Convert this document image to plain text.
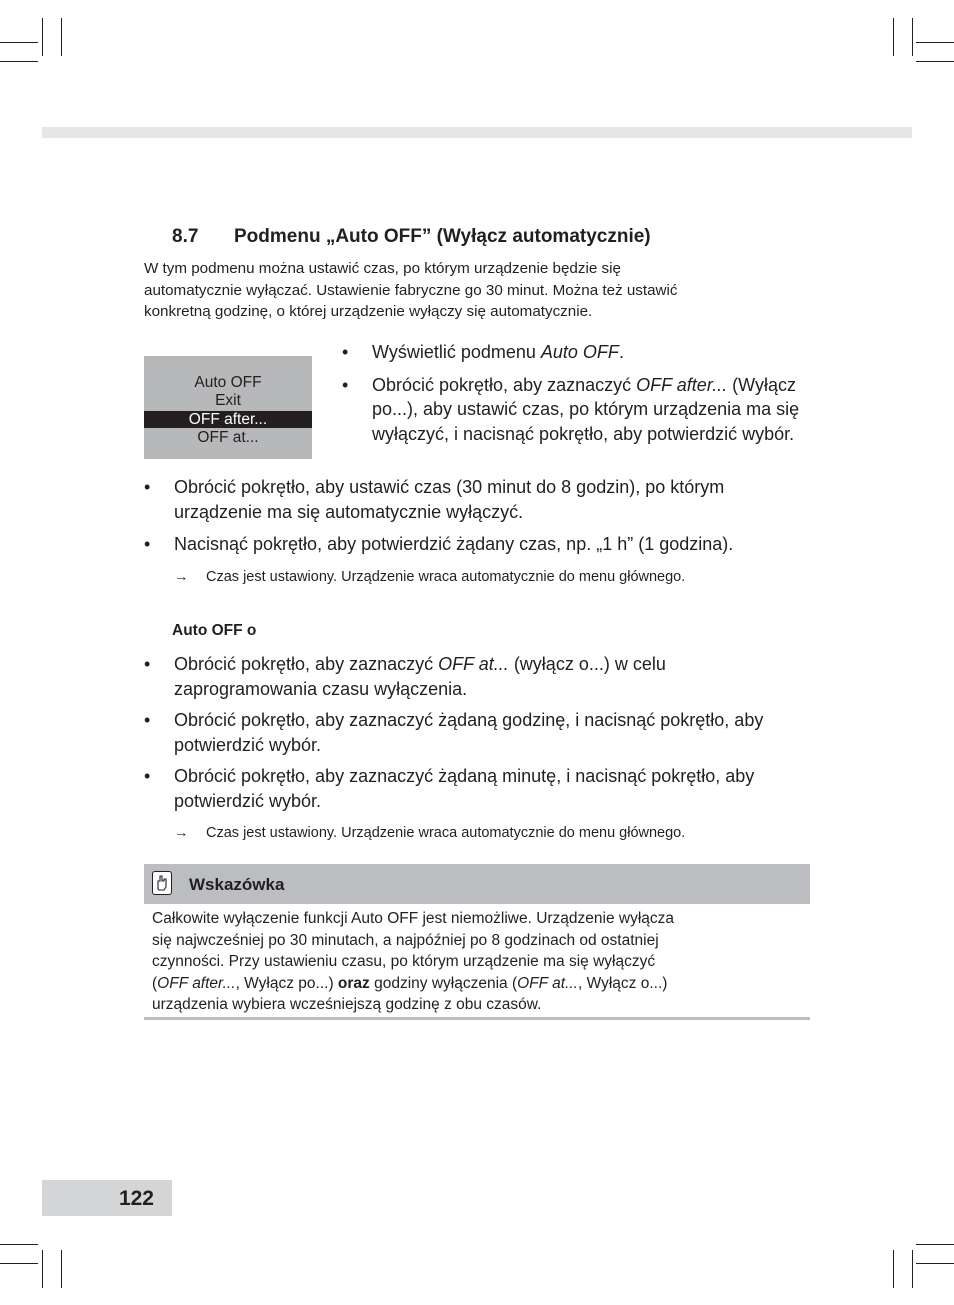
8.7 Podmenu „Auto OFF” (Wyłącz automatycznie)
W tym podmenu można ustawić czas, po którym urządzenie będzie się
automatycznie wyłączać. Ustawienie fabryczne go 30 minut. Można też ustawić
konkretną godzinę, o której urządzenie wyłączy się automatycznie.
Auto OFF
Exit
OFF after...
OFF at...
• Wyświetlić podmenu Auto OFF.
• Obrócić pokrętło, aby zaznaczyć OFF after... (Wyłącz po...), aby ustawić czas, po którym urządzenia ma się wyłączyć, i nacisnąć pokrętło, aby potwierdzić wybór.
• Obrócić pokrętło, aby ustawić czas (30 minut do 8 godzin), po którym urządzenie ma się automatycznie wyłączyć.
• Nacisnąć pokrętło, aby potwierdzić żądany czas, np. „1 h” (1 godzina).
→ Czas jest ustawiony. Urządzenie wraca automatycznie do menu głównego.
Auto OFF o
• Obrócić pokrętło, aby zaznaczyć OFF at... (wyłącz o...) w celu zaprogramowania czasu wyłączenia.
• Obrócić pokrętło, aby zaznaczyć żądaną godzinę, i nacisnąć pokrętło, aby potwierdzić wybór.
• Obrócić pokrętło, aby zaznaczyć żądaną minutę, i nacisnąć pokrętło, aby potwierdzić wybór.
→ Czas jest ustawiony. Urządzenie wraca automatycznie do menu głównego.
Wskazówka
Całkowite wyłączenie funkcji Auto OFF jest niemożliwe. Urządzenie wyłącza
się najwcześniej po 30 minutach, a najpóźniej po 8 godzinach od ostatniej
czynności. Przy ustawieniu czasu, po którym urządzenie ma się wyłączyć
(OFF after..., Wyłącz po...) oraz godziny wyłączenia (OFF at..., Wyłącz o...)
urządzenia wybiera wcześniejszą godzinę z obu czasów.
122
